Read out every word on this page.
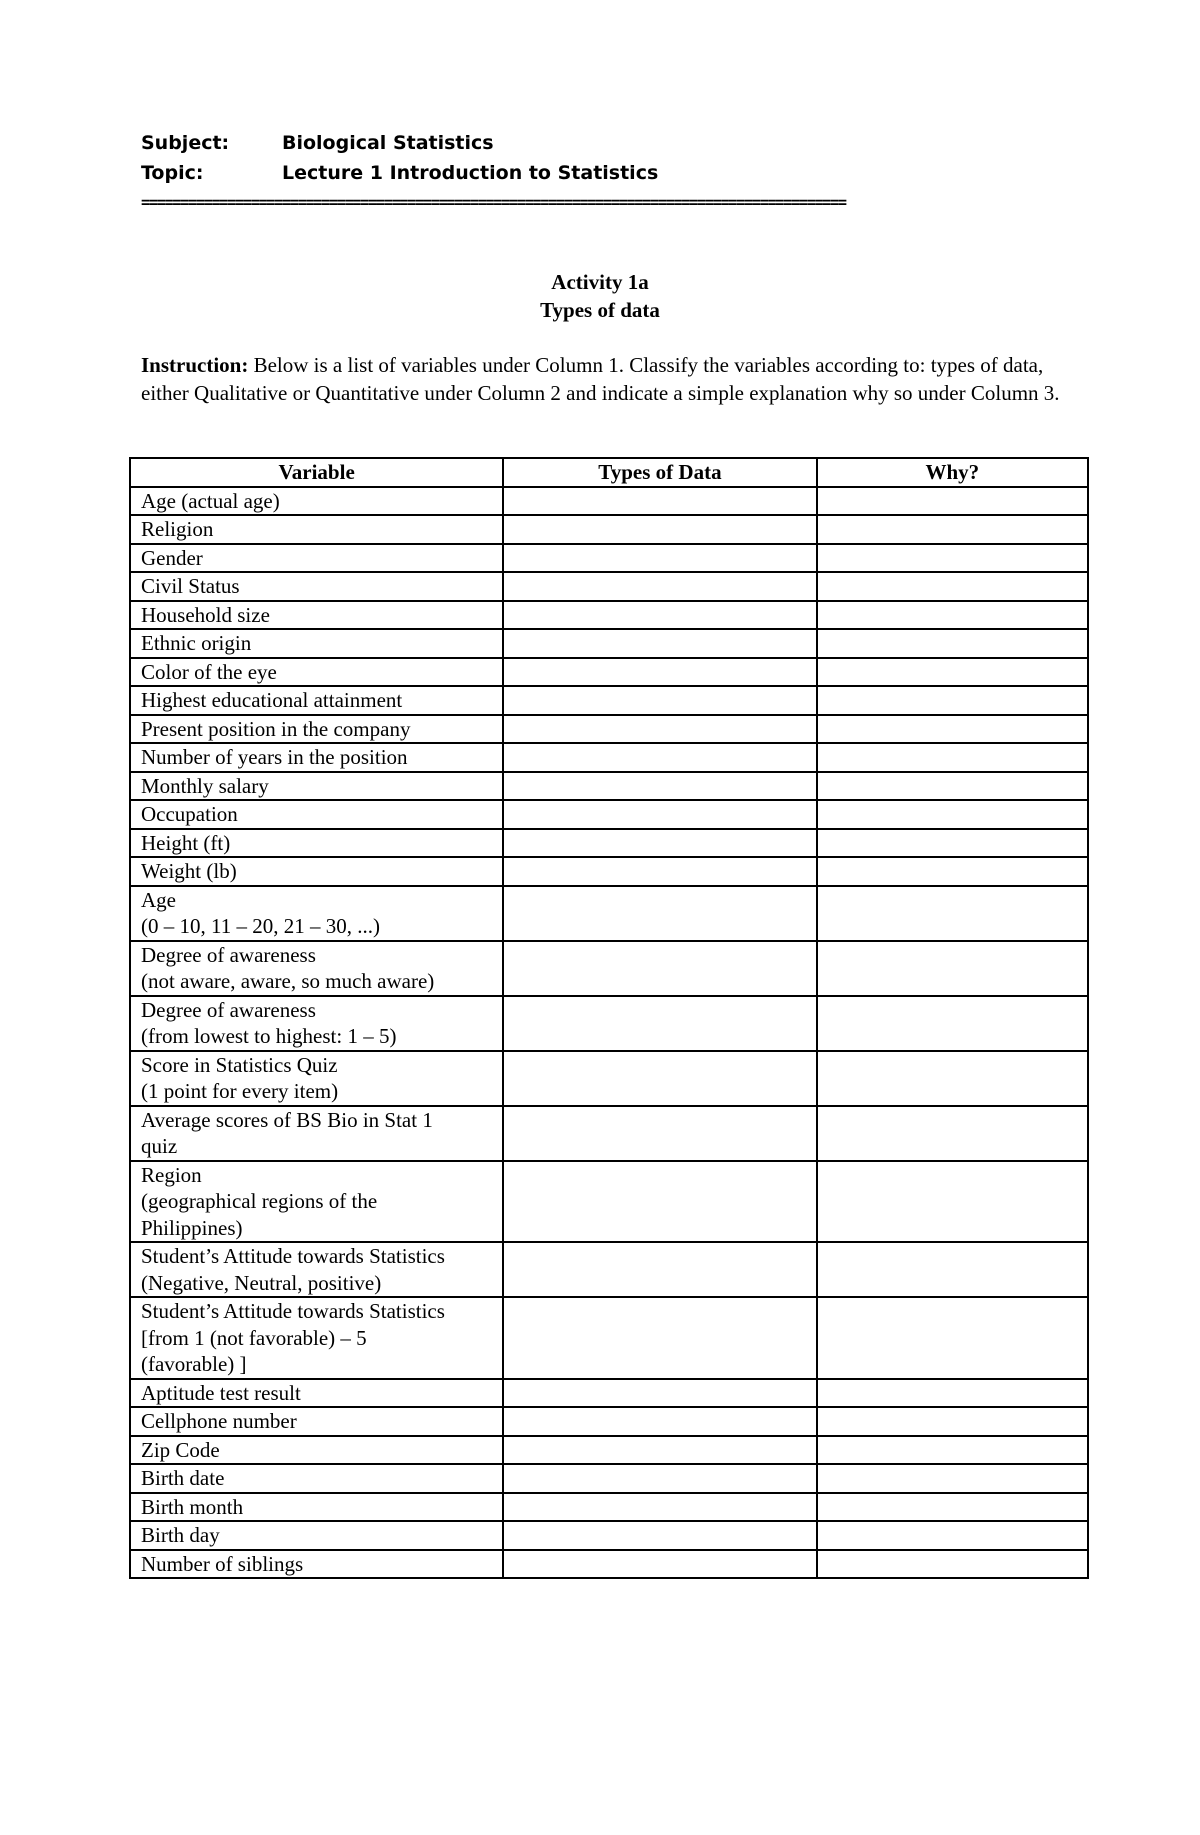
Subject:	Biological Statistics
Topic:	Lecture 1 Introduction to Statistics
==========================================================================================
Activity 1a
Types of data
Instruction: Below is a list of variables under Column 1. Classify the variables according to: types of data, either Qualitative or Quantitative under Column 2 and indicate a simple explanation why so under Column 3.
Variable	Types of Data	Why?

Age (actual age)		

Religion		

Gender		

Civil Status		

Household size		

Ethnic origin		

Color of the eye		

Highest educational attainment		

Present position in the company		

Number of years in the position		

Monthly salary		

Occupation		

Height (ft)		

Weight (lb)		

Age
(0 – 10, 11 – 20, 21 – 30, ...)		

Degree of awareness
(not aware, aware, so much aware)		

Degree of awareness
(from lowest to highest: 1 – 5)		

Score in Statistics Quiz
(1 point for every item)		

Average scores of BS Bio in Stat 1
quiz		

Region
(geographical regions of the
Philippines)		

Student’s Attitude towards Statistics
(Negative, Neutral, positive)		

Student’s Attitude towards Statistics
[from 1 (not favorable) – 5
(favorable) ]		

Aptitude test result		

Cellphone number		

Zip Code		

Birth date		

Birth month		

Birth day		

Number of siblings		
